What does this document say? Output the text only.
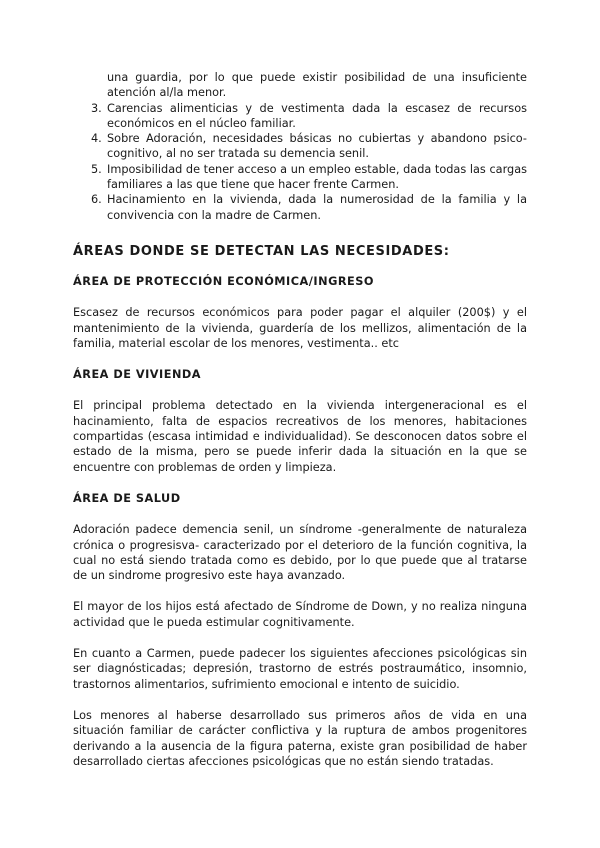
una guardia, por lo que puede existir posibilidad de una insuficiente atención al/la menor.

3. Carencias alimenticias y de vestimenta dada la escasez de recursos económicos en el núcleo familiar.

4. Sobre Adoración, necesidades básicas no cubiertas y abandono psico-cognitivo, al no ser tratada su demencia senil.

5. Imposibilidad de tener acceso a un empleo estable, dada todas las cargas familiares a las que tiene que hacer frente Carmen.

6. Hacinamiento en la vivienda, dada la numerosidad de la familia y la convivencia con la madre de Carmen.

ÁREAS DONDE SE DETECTAN LAS NECESIDADES:
ÁREA DE PROTECCIÓN ECONÓMICA/INGRESO

Escasez de recursos económicos para poder pagar el alquiler (200$) y el mantenimiento de la vivienda, guardería de los mellizos, alimentación de la familia, material escolar de los menores, vestimenta.. etc

ÁREA DE VIVIENDA

El principal problema detectado en la vivienda intergeneracional es el hacinamiento, falta de espacios recreativos de los menores, habitaciones compartidas (escasa intimidad e individualidad). Se desconocen datos sobre el estado de la misma, pero se puede inferir dada la situación en la que se encuentre con problemas de orden y limpieza.

ÁREA DE SALUD

Adoración padece demencia senil, un síndrome -generalmente de naturaleza crónica o progresisva- caracterizado por el deterioro de la función cognitiva, la cual no está siendo tratada como es debido, por lo que puede que al tratarse de un sindrome progresivo este haya avanzado.

El mayor de los hijos está afectado de Síndrome de Down, y no realiza ninguna actividad que le pueda estimular cognitivamente.

En cuanto a Carmen, puede padecer los siguientes afecciones psicológicas sin ser diagnósticadas; depresión, trastorno de estrés postraumático, insomnio, trastornos alimentarios, sufrimiento emocional e intento de suicidio.

Los menores al haberse desarrollado sus primeros años de vida en una situación familiar de carácter conflictiva y la ruptura de ambos progenitores derivando a la ausencia de la figura paterna, existe gran posibilidad de haber desarrollado ciertas afecciones psicológicas que no están siendo tratadas.
